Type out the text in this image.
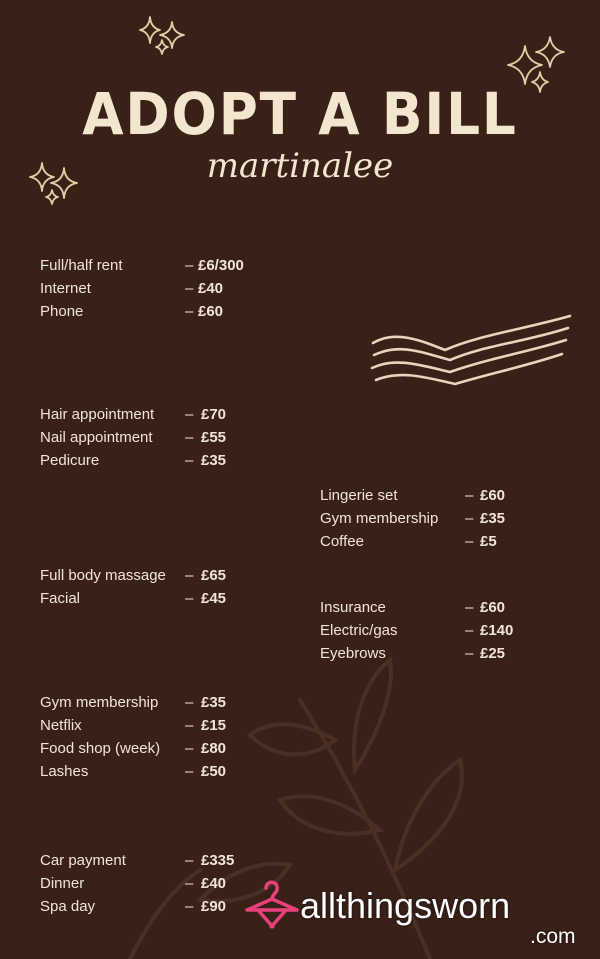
ADOPT A BILL
martinalee
Full/half rent	– £6/300
Internet	– £40
Phone	– £60
Hair appointment – £70
Nail appointment – £55
Pedicure	– £35
Lingerie set	– £60
Gym membership – £35
Coffee	– £5
Full body massage – £65
Facial	– £45
Insurance	– £60
Electric/gas	– £140
Eyebrows	– £25
Gym membership – £35
Netflix	– £15
Food shop (week) – £80
Lashes	– £50
Car payment	– £335
Dinner	– £40
Spa day	– £90 allthingsworn
.com
